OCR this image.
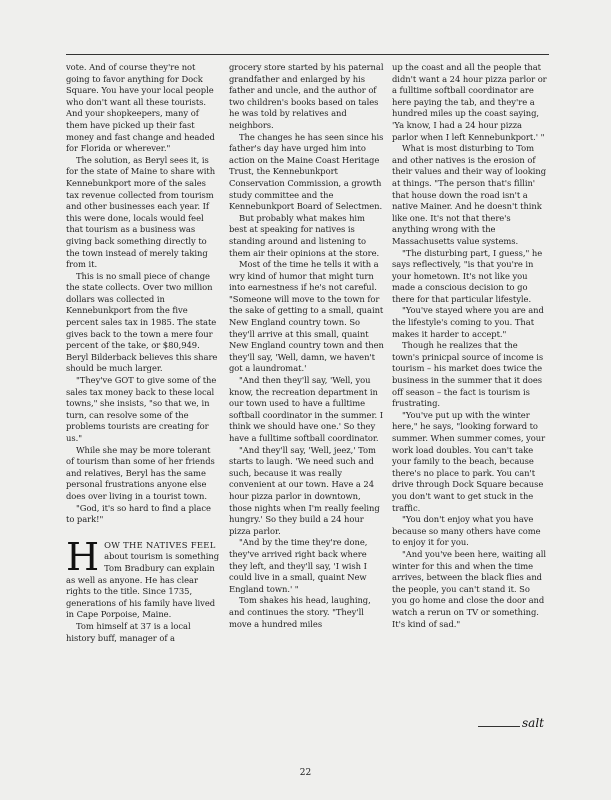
vote. And of course they're not going to favor anything for Dock Square. You have your local people who don't want all these tourists. And your shopkeepers, many of them have picked up their fast money and fast change and headed for Florida or wherever."

The solution, as Beryl sees it, is for the state of Maine to share with Kennebunkport more of the sales tax revenue collected from tourism and other businesses each year. If this were done, locals would feel that tourism as a business was giving back something directly to the town instead of merely taking from it.

This is no small piece of change the state collects. Over two million dollars was collected in Kennebunkport from the five percent sales tax in 1985. The state gives back to the town a mere four percent of the take, or $80,949. Beryl Bilderback believes this share should be much larger.

"They've GOT to give some of the sales tax money back to these local towns," she insists, "so that we, in turn, can resolve some of the problems tourists are creating for us."

While she may be more tolerant of tourism than some of her friends and relatives, Beryl has the same personal frustrations anyone else does over living in a tourist town.

"God, it's so hard to find a place to park!"

HOW THE NATIVES FEEL about tourism is something Tom Bradbury can explain as well as anyone. He has clear rights to the title. Since 1735, generations of his family have lived in Cape Porpoise, Maine.

Tom himself at 37 is a local history buff, manager of a

grocery store started by his paternal grandfather and enlarged by his father and uncle, and the author of two children's books based on tales he was told by relatives and neighbors.

The changes he has seen since his father's day have urged him into action on the Maine Coast Heritage Trust, the Kennebunkport Conservation Commission, a growth study committee and the Kennebunkport Board of Selectmen.

But probably what makes him best at speaking for natives is standing around and listening to them air their opinions at the store.

Most of the time he tells it with a wry kind of humor that might turn into earnestness if he's not careful. "Someone will move to the town for the sake of getting to a small, quaint New England country town. So they'll arrive at this small, quaint New England country town and then they'll say, 'Well, damn, we haven't got a laundromat.'

"And then they'll say, 'Well, you know, the recreation department in our town used to have a fulltime softball coordinator in the summer. I think we should have one.' So they have a fulltime softball coordinator.

"And they'll say, 'Well, jeez,' Tom starts to laugh. 'We need such and such, because it was really convenient at our town. Have a 24 hour pizza parlor in downtown, those nights when I'm really feeling hungry.' So they build a 24 hour pizza parlor.

"And by the time they're done, they've arrived right back where they left, and they'll say, 'I wish I could live in a small, quaint New England town.' "

Tom shakes his head, laughing, and continues the story. "They'll move a hundred miles

up the coast and all the people that didn't want a 24 hour pizza parlor or a fulltime softball coordinator are here paying the tab, and they're a hundred miles up the coast saying, 'Ya know, I had a 24 hour pizza parlor when I left Kennebunkport.' "

What is most disturbing to Tom and other natives is the erosion of their values and their way of looking at things. "The person that's fillin' that house down the road isn't a native Mainer. And he doesn't think like one. It's not that there's anything wrong with the Massachusetts value systems.

"The disturbing part, I guess," he says reflectively, "is that you're in your hometown. It's not like you made a conscious decision to go there for that particular lifestyle.

"You've stayed where you are and the lifestyle's coming to you. That makes it harder to accept."

Though he realizes that the town's prinicpal source of income is tourism – his market does twice the business in the summer that it does off season – the fact is tourism is frustrating.

"You've put up with the winter here," he says, "looking forward to summer. When summer comes, your work load doubles. You can't take your family to the beach, because there's no place to park. You can't drive through Dock Square because you don't want to get stuck in the traffic.

"You don't enjoy what you have because so many others have come to enjoy it for you.

"And you've been here, waiting all winter for this and when the time arrives, between the black flies and the people, you can't stand it. So you go home and close the door and watch a rerun on TV or something. It's kind of sad."

salt
22
